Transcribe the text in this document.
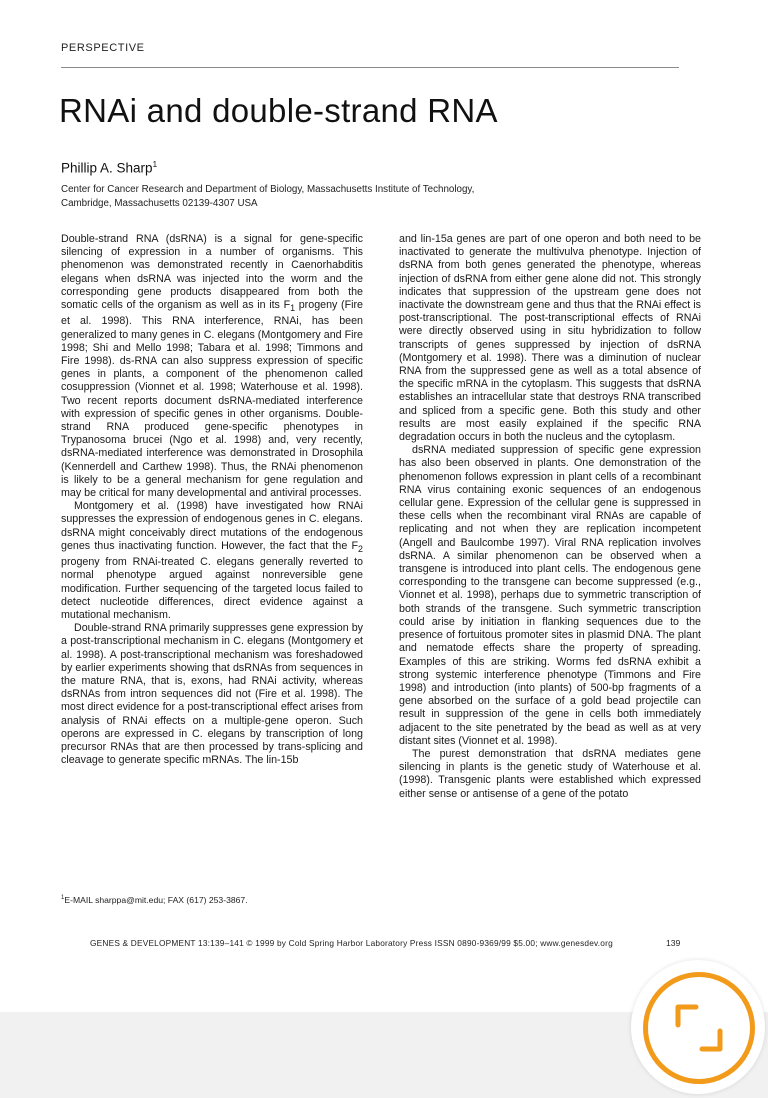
PERSPECTIVE
RNAi and double-strand RNA
Phillip A. Sharp$^1$
Center for Cancer Research and Department of Biology, Massachusetts Institute of Technology,
Cambridge, Massachusetts 02139-4307 USA

Double-strand RNA (dsRNA) is a signal for gene-specific silencing of expression in a number of organisms. This phenomenon was demonstrated recently in Caenorhabditis elegans when dsRNA was injected into the worm and the corresponding gene products disappeared from both the somatic cells of the organism as well as in its $F_1$ progeny (Fire et al. 1998). This RNA interference, RNAi, has been generalized to many genes in C. elegans (Montgomery and Fire 1998; Shi and Mello 1998; Tabara et al. 1998; Timmons and Fire 1998). ds-RNA can also suppress expression of specific genes in plants, a component of the phenomenon called cosuppression (Vionnet et al. 1998; Waterhouse et al. 1998). Two recent reports document dsRNA-mediated interference with expression of specific genes in other organisms. Double-strand RNA produced gene-specific phenotypes in Trypanosoma brucei (Ngo et al. 1998) and, very recently, dsRNA-mediated interference was demonstrated in Drosophila (Kennerdell and Carthew 1998). Thus, the RNAi phenomenon is likely to be a general mechanism for gene regulation and may be critical for many developmental and antiviral processes.

Montgomery et al. (1998) have investigated how RNAi suppresses the expression of endogenous genes in C. elegans. dsRNA might conceivably direct mutations of the endogenous genes thus inactivating function. However, the fact that the $F_2$ progeny from RNAi-treated C. elegans generally reverted to normal phenotype argued against nonreversible gene modification. Further sequencing of the targeted locus failed to detect nucleotide differences, direct evidence against a mutational mechanism.

Double-strand RNA primarily suppresses gene expression by a post-transcriptional mechanism in C. elegans (Montgomery et al. 1998). A post-transcriptional mechanism was foreshadowed by earlier experiments showing that dsRNAs from sequences in the mature RNA, that is, exons, had RNAi activity, whereas dsRNAs from intron sequences did not (Fire et al. 1998). The most direct evidence for a post-transcriptional effect arises from analysis of RNAi effects on a multiple-gene operon. Such operons are expressed in C. elegans by transcription of long precursor RNAs that are then processed by trans-splicing and cleavage to generate specific mRNAs. The lin-15b

and lin-15a genes are part of one operon and both need to be inactivated to generate the multivulva phenotype. Injection of dsRNA from both genes generated the phenotype, whereas injection of dsRNA from either gene alone did not. This strongly indicates that suppression of the upstream gene does not inactivate the downstream gene and thus that the RNAi effect is post-transcriptional. The post-transcriptional effects of RNAi were directly observed using in situ hybridization to follow transcripts of genes suppressed by injection of dsRNA (Montgomery et al. 1998). There was a diminution of nuclear RNA from the suppressed gene as well as a total absence of the specific mRNA in the cytoplasm. This suggests that dsRNA establishes an intracellular state that destroys RNA transcribed and spliced from a specific gene. Both this study and other results are most easily explained if the specific RNA degradation occurs in both the nucleus and the cytoplasm.

dsRNA mediated suppression of specific gene expression has also been observed in plants. One demonstration of the phenomenon follows expression in plant cells of a recombinant RNA virus containing exonic sequences of an endogenous cellular gene. Expression of the cellular gene is suppressed in these cells when the recombinant viral RNAs are capable of replicating and not when they are replication incompetent (Angell and Baulcombe 1997). Viral RNA replication involves dsRNA. A similar phenomenon can be observed when a transgene is introduced into plant cells. The endogenous gene corresponding to the transgene can become suppressed (e.g., Vionnet et al. 1998), perhaps due to symmetric transcription of both strands of the transgene. Such symmetric transcription could arise by initiation in flanking sequences due to the presence of fortuitous promoter sites in plasmid DNA. The plant and nematode effects share the property of spreading. Examples of this are striking. Worms fed dsRNA exhibit a strong systemic interference phenotype (Timmons and Fire 1998) and introduction (into plants) of 500-bp fragments of a gene absorbed on the surface of a gold bead projectile can result in suppression of the gene in cells both immediately adjacent to the site penetrated by the bead as well as at very distant sites (Vionnet et al. 1998).

The purest demonstration that dsRNA mediates gene silencing in plants is the genetic study of Waterhouse et al. (1998). Transgenic plants were established which expressed either sense or antisense of a gene of the potato

$^1$E-MAIL sharppa@mit.edu; FAX (617) 253-3867.
GENES & DEVELOPMENT 13:139–141 © 1999 by Cold Spring Harbor Laboratory Press ISSN 0890-9369/99 $5.00; www.genesdev.org	139
